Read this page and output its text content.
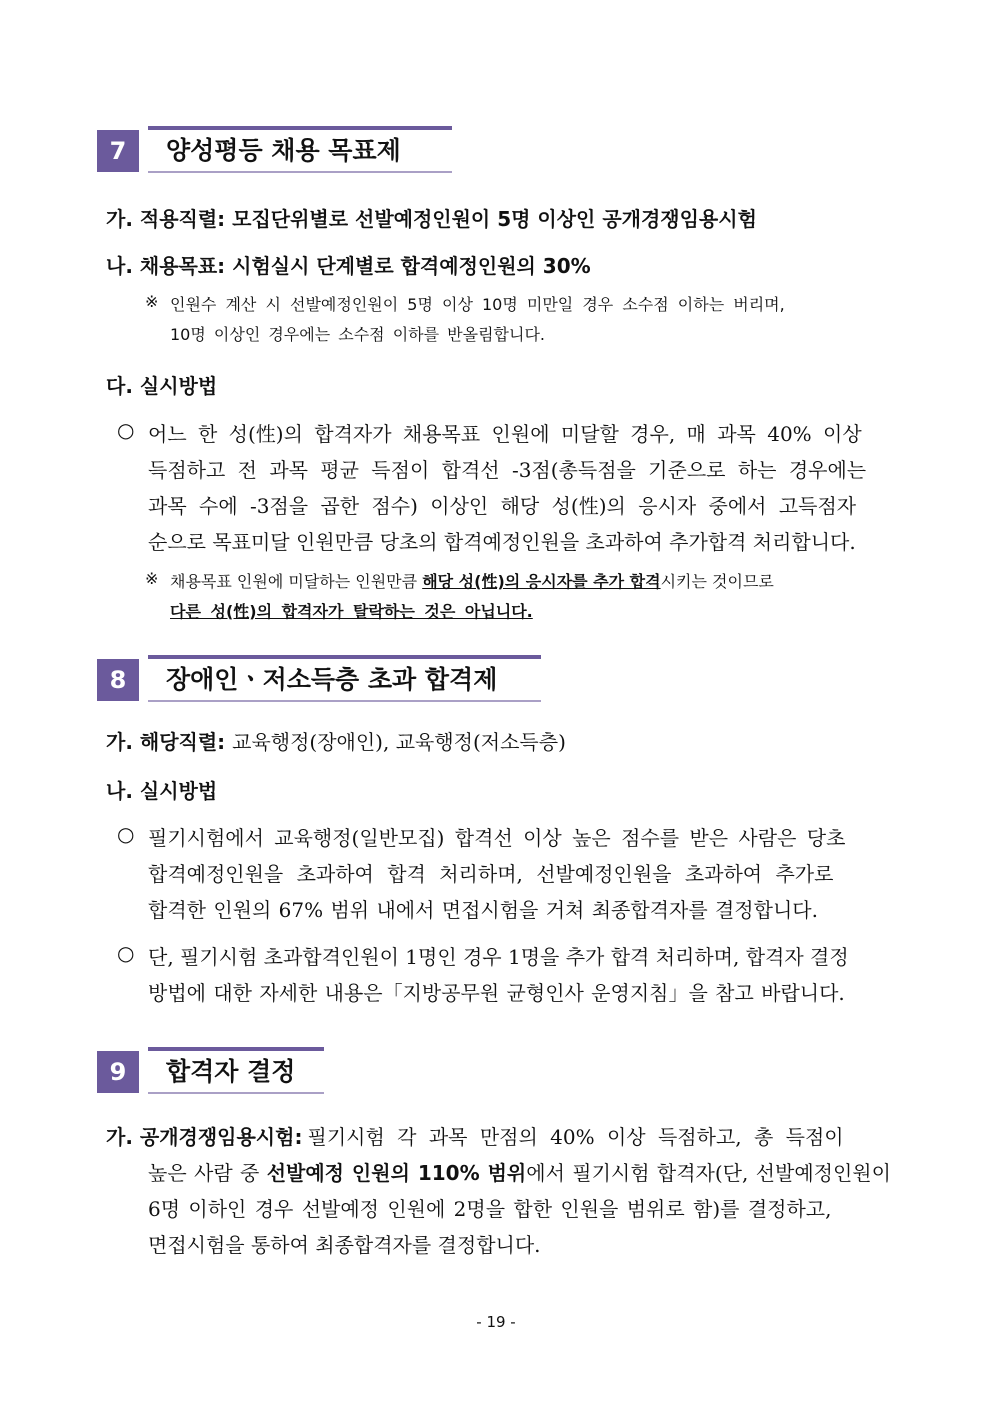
7	양성평등 채용 목표제
가. 적용직렬: 모집단위별로 선발예정인원이 5명 이상인 공개경쟁임용시험
나. 채용목표: 시험실시 단계별로 합격예정인원의 30%
※ 인원수 계산 시 선발예정인원이 5명 이상 10명 미만일 경우 소수점 이하는 버리며,
10명 이상인 경우에는 소수점 이하를 반올림합니다.
다. 실시방법
○ 어느 한 성(性)의 합격자가 채용목표 인원에 미달할 경우, 매 과목 40% 이상
득점하고 전 과목 평균 득점이 합격선 -3점(총득점을 기준으로 하는 경우에는
과목 수에 -3점을 곱한 점수) 이상인 해당 성(性)의 응시자 중에서 고득점자
순으로 목표미달 인원만큼 당초의 합격예정인원을 초과하여 추가합격 처리합니다.
※ 채용목표 인원에 미달하는 인원만큼 해당 성(性)의 응시자를 추가 합격시키는 것이므로
다른 성(性)의 합격자가 탈락하는 것은 아닙니다.
8	장애인ㆍ저소득층 초과 합격제
가. 해당직렬: 교육행정(장애인), 교육행정(저소득층)
나. 실시방법
○ 필기시험에서 교육행정(일반모집) 합격선 이상 높은 점수를 받은 사람은 당초
합격예정인원을 초과하여 합격 처리하며, 선발예정인원을 초과하여 추가로
합격한 인원의 67% 범위 내에서 면접시험을 거쳐 최종합격자를 결정합니다.
○ 단, 필기시험 초과합격인원이 1명인 경우 1명을 추가 합격 처리하며, 합격자 결정
방법에 대한 자세한 내용은「지방공무원 균형인사 운영지침」을 참고 바랍니다.
9	합격자 결정
가. 공개경쟁임용시험: 필기시험 각 과목 만점의 40% 이상 득점하고, 총 득점이
높은 사람 중 선발예정 인원의 110% 범위에서 필기시험 합격자(단, 선발예정인원이
6명 이하인 경우 선발예정 인원에 2명을 합한 인원을 범위로 함)를 결정하고,
면접시험을 통하여 최종합격자를 결정합니다.
- 19 -
